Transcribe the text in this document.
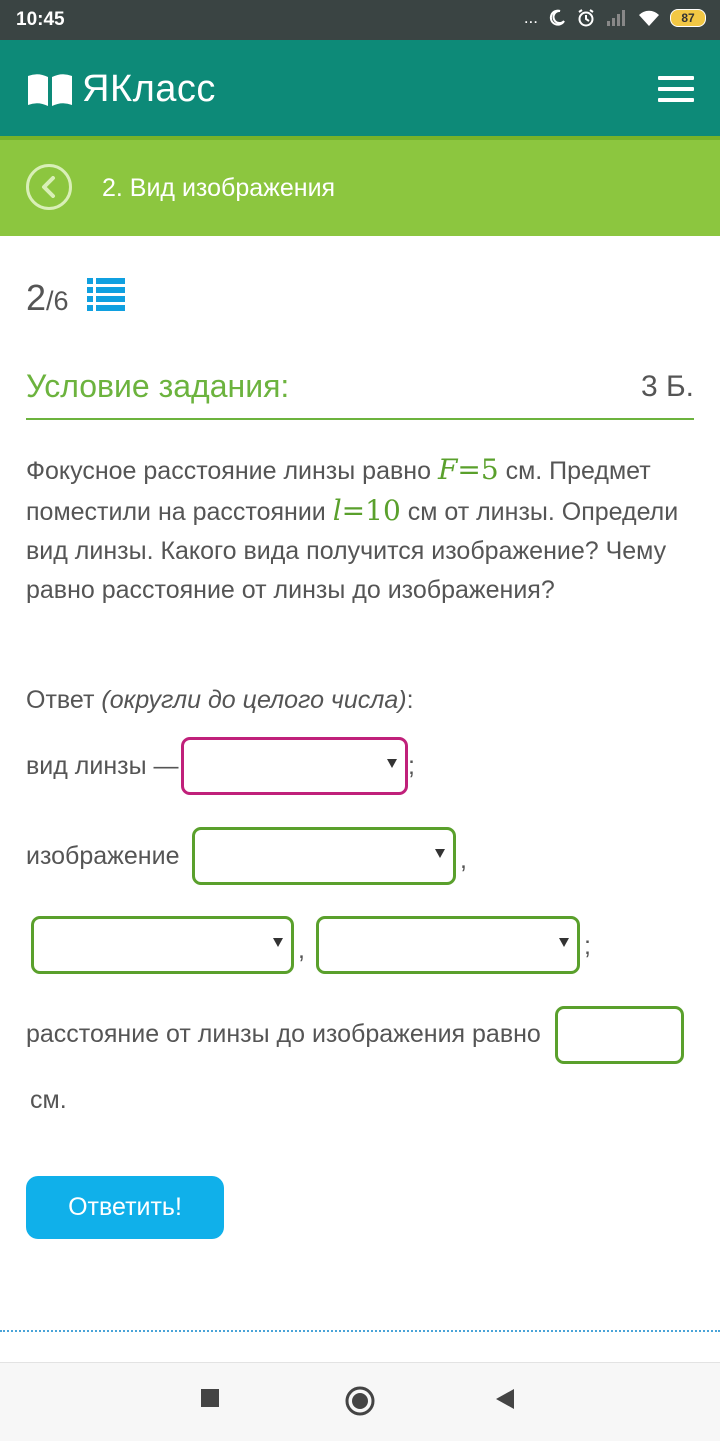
10:45	...	87
ЯКласс
2. Вид изображения
2 /6
Условие задания:	3 Б.
Фокусное расстояние линзы равно F=5 см. Предмет поместили на расстоянии l=10 см от линзы. Определи вид линзы. Какого вида получится изображение? Чему равно расстояние от линзы до изображения?
Ответ (округли до целого числа):
вид линзы —	;
изображение	,
,	;
расстояние от линзы до изображения равно
см.
Ответить!
